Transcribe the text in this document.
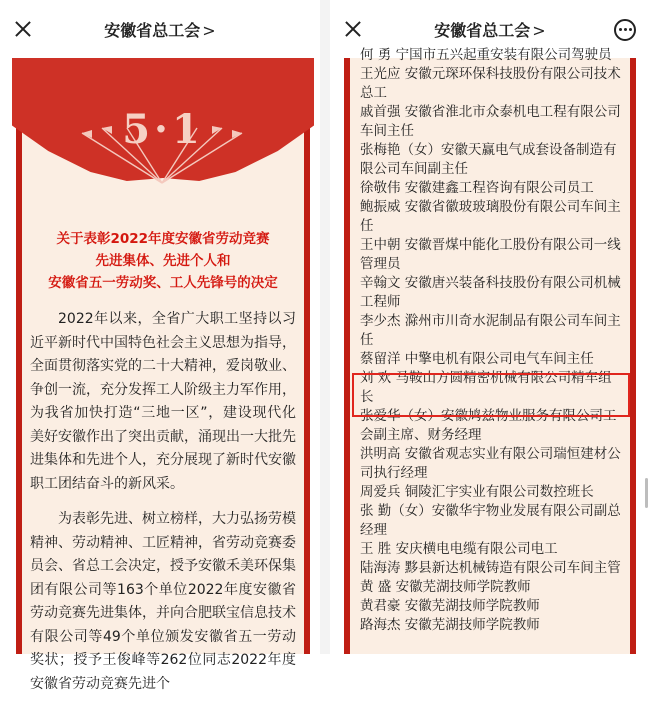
安徽省总工会 >
5·1
关于表彰2022年度安徽省劳动竞赛
先进集体、先进个人和
安徽省五一劳动奖、工人先锋号的决定

2022年以来，全省广大职工坚持以习近平新时代中国特色社会主义思想为指导，全面贯彻落实党的二十大精神，爱岗敬业、争创一流，充分发挥工人阶级主力军作用，为我省加快打造“三地一区”，建设现代化美好安徽作出了突出贡献，涌现出一大批先进集体和先进个人，充分展现了新时代安徽职工团结奋斗的新风采。

为表彰先进、树立榜样，大力弘扬劳模精神、劳动精神、工匠精神，省劳动竞赛委员会、省总工会决定，授予安徽禾美环保集团有限公司等163个单位2022年度安徽省劳动竞赛先进集体，并向合肥联宝信息技术有限公司等49个单位颁发安徽省五一劳动奖状；授予王俊峰等262位同志2022年度安徽省劳动竞赛先进个

安徽省总工会 >

何 勇 宁国市五兴起重安装有限公司驾驶员

王光应 安徽元琛环保科技股份有限公司技术总工

戚首强 安徽省淮北市众泰机电工程有限公司车间主任

张梅艳（女）安徽天赢电气成套设备制造有限公司车间副主任

徐敬伟 安徽建鑫工程咨询有限公司员工

鲍振威 安徽省徽玻玻璃股份有限公司车间主任

王中朝 安徽晋煤中能化工股份有限公司一线管理员

辛翰文 安徽唐兴装备科技股份有限公司机械工程师

李少杰 滁州市川奇水泥制品有限公司车间主任

蔡留洋 中擎电机有限公司电气车间主任

刘 欢 马鞍山方圆精密机械有限公司精车组长

张爱华（女）安徽鸠兹物业服务有限公司工会副主席、财务经理

洪明高 安徽省观志实业有限公司瑞恒建材公司执行经理

周爱兵 铜陵汇宇实业有限公司数控班长

张 勤（女）安徽华宇物业发展有限公司副总经理

王 胜 安庆横电电缆有限公司电工

陆海涛 黟县新达机械铸造有限公司车间主管

黄 盛 安徽芜湖技师学院教师

黄君豪 安徽芜湖技师学院教师

路海杰 安徽芜湖技师学院教师
